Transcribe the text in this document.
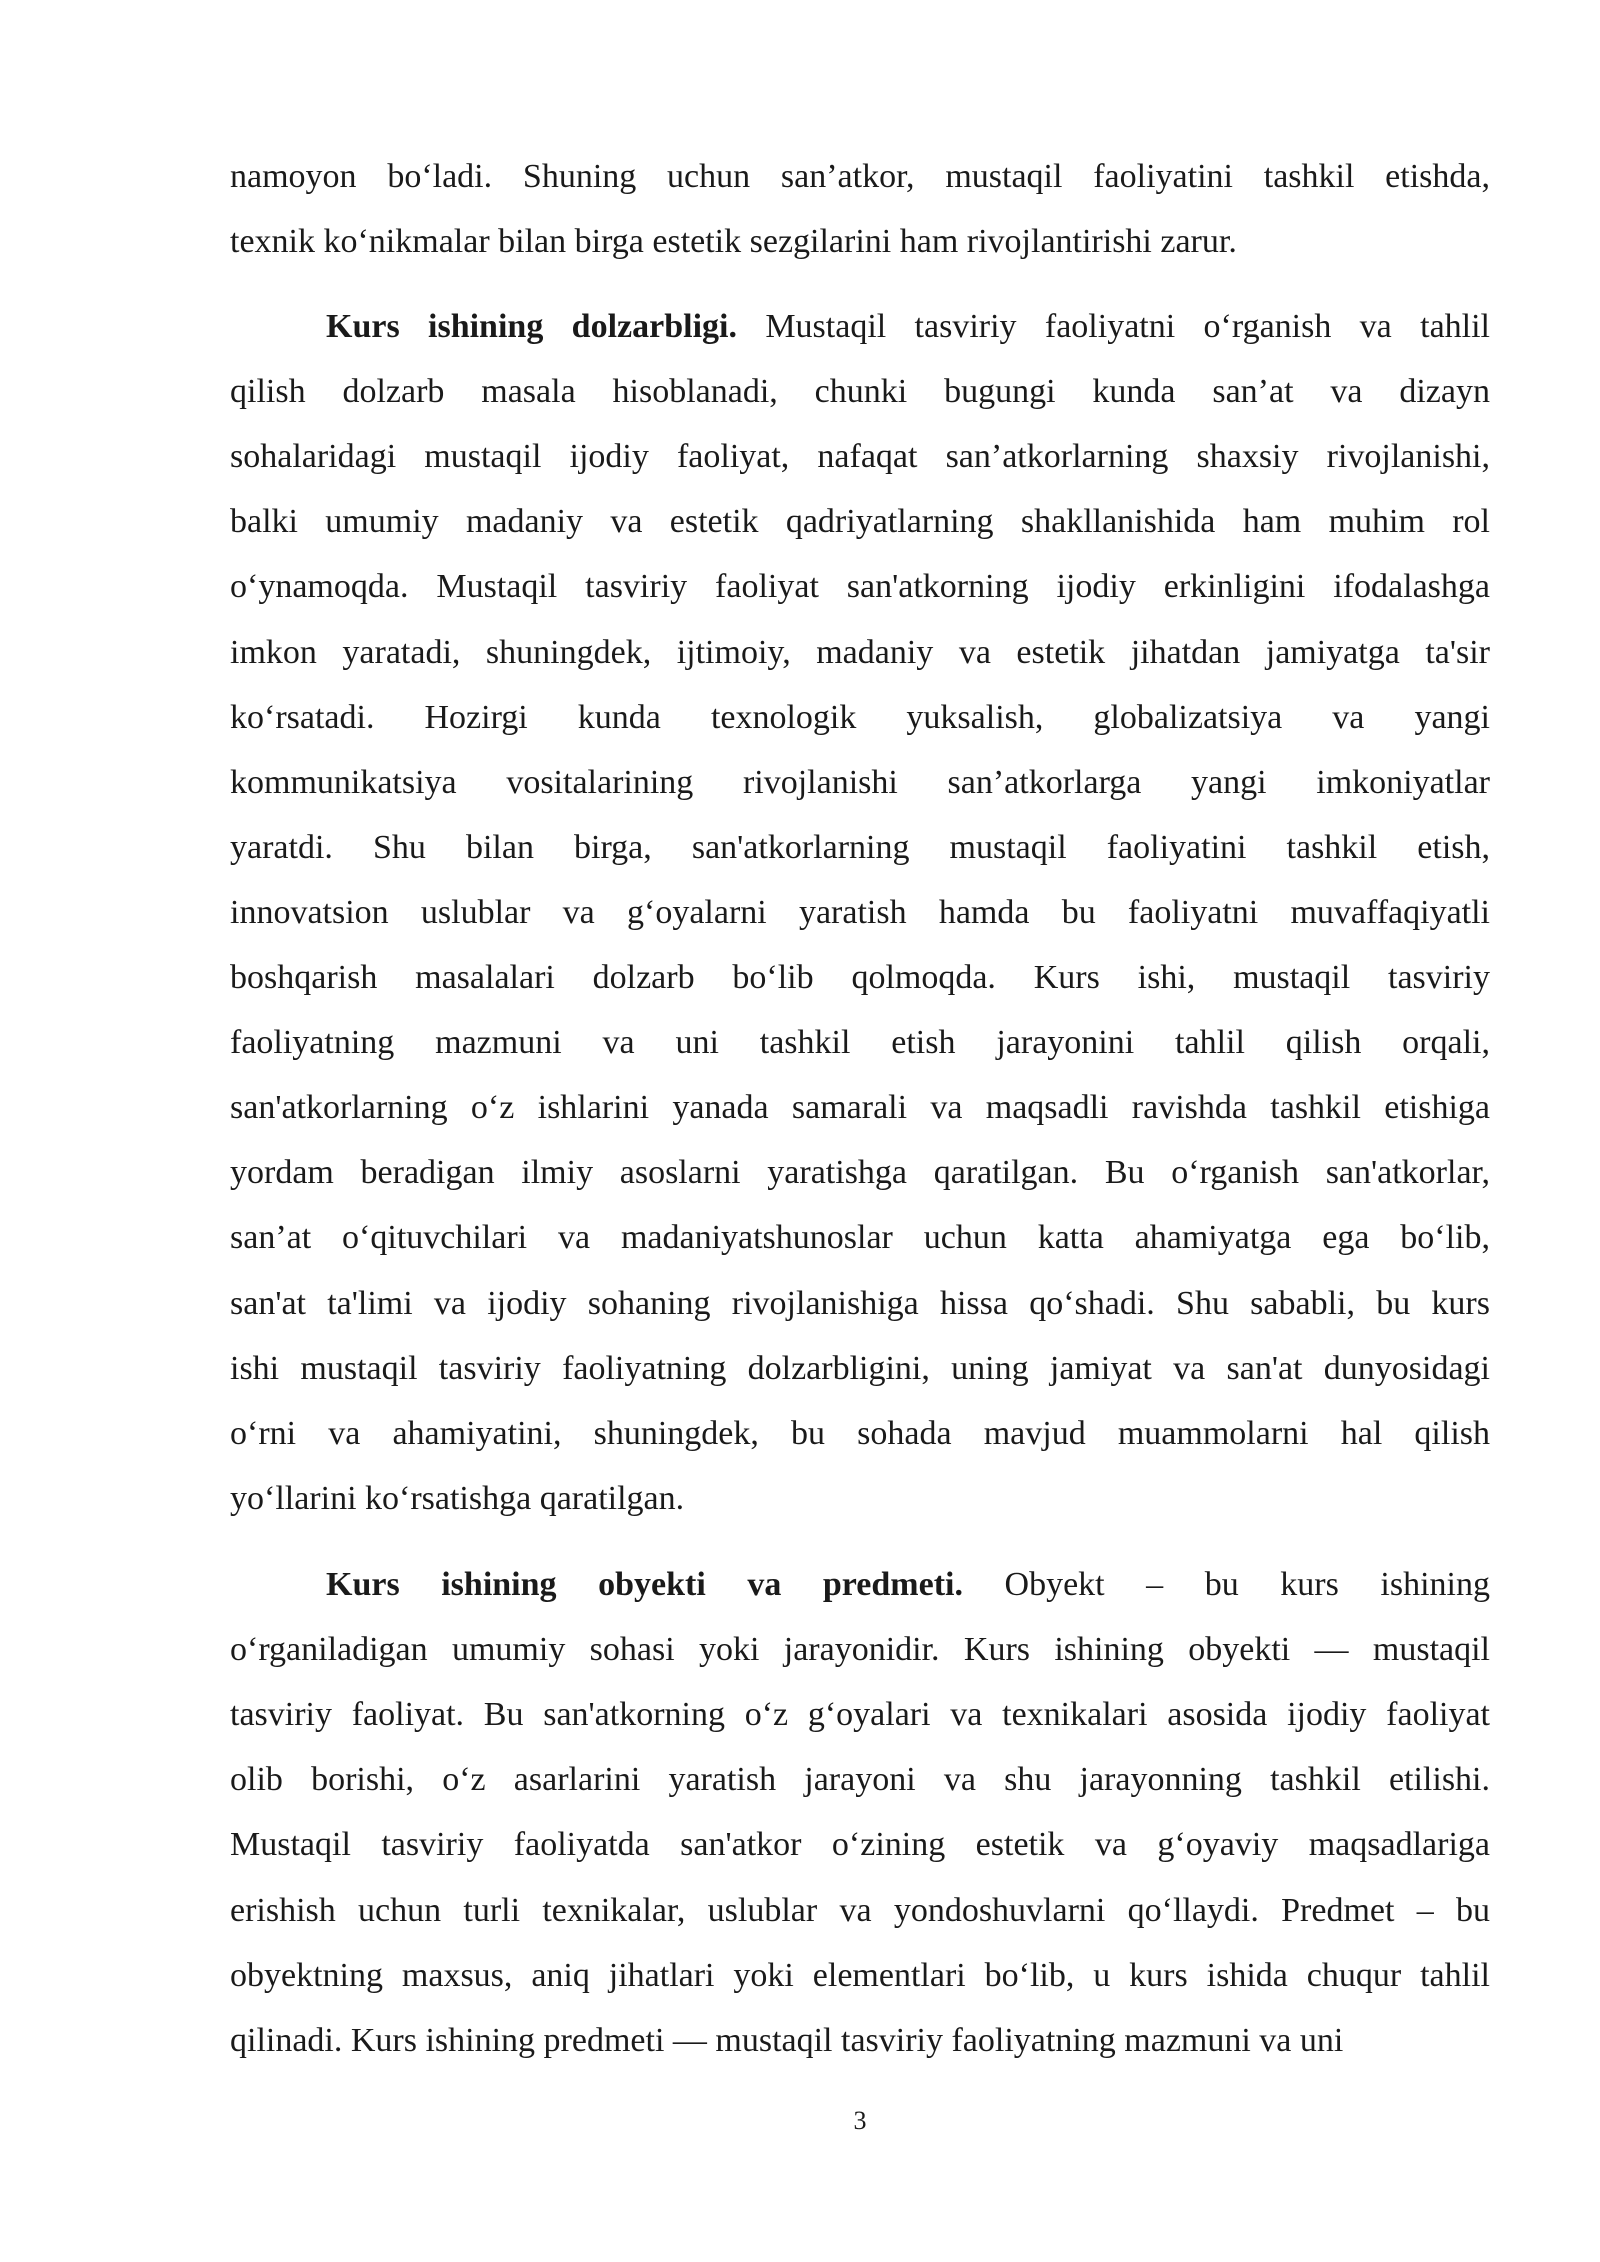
namoyon boʻladi. Shuning uchun san’atkor, mustaqil faoliyatini tashkil etishda,
texnik koʻnikmalar bilan birga estetik sezgilarini ham rivojlantirishi zarur.
Kurs ishining dolzarbligi. Mustaqil tasviriy faoliyatni oʻrganish va tahlil
qilish dolzarb masala hisoblanadi, chunki bugungi kunda san’at va dizayn
sohalaridagi mustaqil ijodiy faoliyat, nafaqat san’atkorlarning shaxsiy rivojlanishi,
balki umumiy madaniy va estetik qadriyatlarning shakllanishida ham muhim rol
oʻynamoqda. Mustaqil tasviriy faoliyat san'atkorning ijodiy erkinligini ifodalashga
imkon yaratadi, shuningdek, ijtimoiy, madaniy va estetik jihatdan jamiyatga ta'sir
koʻrsatadi. Hozirgi kunda texnologik yuksalish, globalizatsiya va yangi
kommunikatsiya vositalarining rivojlanishi san’atkorlarga yangi imkoniyatlar
yaratdi. Shu bilan birga, san'atkorlarning mustaqil faoliyatini tashkil etish,
innovatsion uslublar va gʻoyalarni yaratish hamda bu faoliyatni muvaffaqiyatli
boshqarish masalalari dolzarb boʻlib qolmoqda. Kurs ishi, mustaqil tasviriy
faoliyatning mazmuni va uni tashkil etish jarayonini tahlil qilish orqali,
san'atkorlarning oʻz ishlarini yanada samarali va maqsadli ravishda tashkil etishiga
yordam beradigan ilmiy asoslarni yaratishga qaratilgan. Bu oʻrganish san'atkorlar,
san’at oʻqituvchilari va madaniyatshunoslar uchun katta ahamiyatga ega boʻlib,
san'at ta'limi va ijodiy sohaning rivojlanishiga hissa qoʻshadi. Shu sababli, bu kurs
ishi mustaqil tasviriy faoliyatning dolzarbligini, uning jamiyat va san'at dunyosidagi
oʻrni va ahamiyatini, shuningdek, bu sohada mavjud muammolarni hal qilish
yoʻllarini koʻrsatishga qaratilgan.
Kurs ishining obyekti va predmeti. Obyekt – bu kurs ishining
oʻrganiladigan umumiy sohasi yoki jarayonidir. Kurs ishining obyekti — mustaqil
tasviriy faoliyat. Bu san'atkorning oʻz gʻoyalari va texnikalari asosida ijodiy faoliyat
olib borishi, oʻz asarlarini yaratish jarayoni va shu jarayonning tashkil etilishi.
Mustaqil tasviriy faoliyatda san'atkor oʻzining estetik va gʻoyaviy maqsadlariga
erishish uchun turli texnikalar, uslublar va yondoshuvlarni qoʻllaydi. Predmet – bu
obyektning maxsus, aniq jihatlari yoki elementlari boʻlib, u kurs ishida chuqur tahlil
qilinadi. Kurs ishining predmeti — mustaqil tasviriy faoliyatning mazmuni va uni
3
